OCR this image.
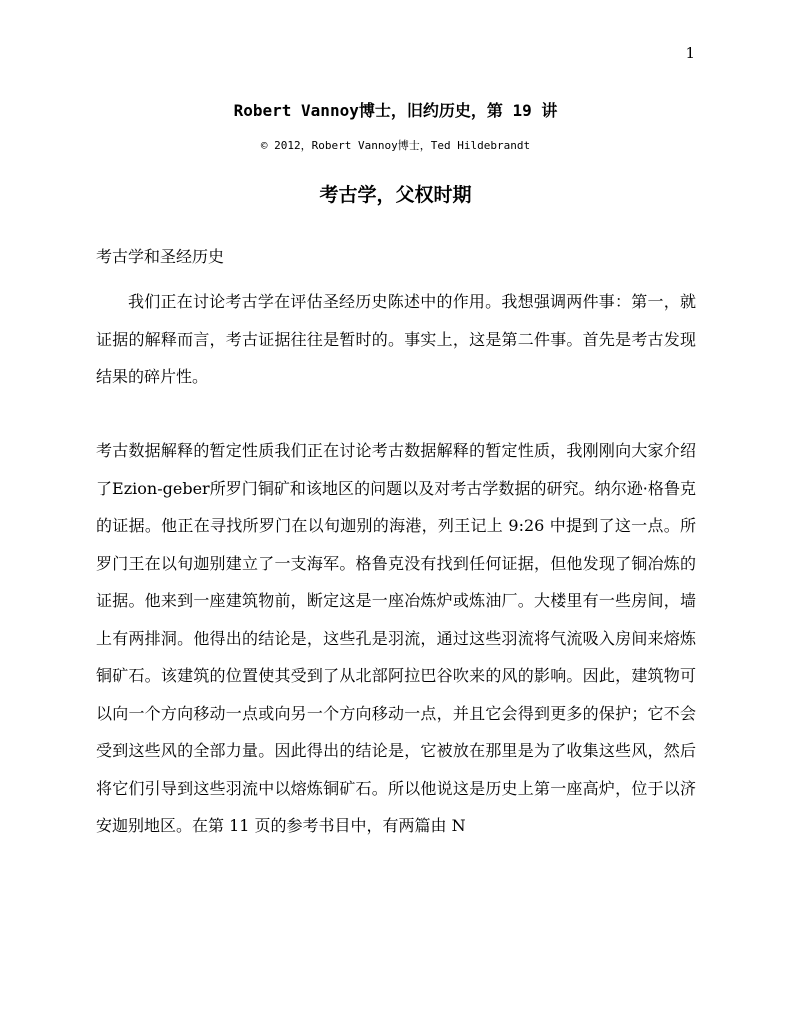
1
Robert Vannoy博士，旧约历史，第 19 讲
© 2012，Robert Vannoy博士，Ted Hildebrandt
考古学，父权时期
考古学和圣经历史
我们正在讨论考古学在评估圣经历史陈述中的作用。我想强调两件事：第一，就证据的解释而言，考古证据往往是暂时的。事实上，这是第二件事。首先是考古发现结果的碎片性。
考古数据解释的暂定性质我们正在讨论考古数据解释的暂定性质，我刚刚向大家介绍了Ezion-geber所罗门铜矿和该地区的问题以及对考古学数据的研究。纳尔逊·格鲁克的证据。他正在寻找所罗门在以旬迦别的海港，列王记上 9:26 中提到了这一点。所罗门王在以旬迦别建立了一支海军。格鲁克没有找到任何证据，但他发现了铜冶炼的证据。他来到一座建筑物前，断定这是一座冶炼炉或炼油厂。大楼里有一些房间，墙上有两排洞。他得出的结论是，这些孔是羽流，通过这些羽流将气流吸入房间来熔炼铜矿石。该建筑的位置使其受到了从北部阿拉巴谷吹来的风的影响。因此，建筑物可以向一个方向移动一点或向另一个方向移动一点，并且它会得到更多的保护；它不会受到这些风的全部力量。因此得出的结论是，它被放在那里是为了收集这些风，然后将它们引导到这些羽流中以熔炼铜矿石。所以他说这是历史上第一座高炉，位于以济安迦别地区。在第 11 页的参考书目中，有两篇由 N
